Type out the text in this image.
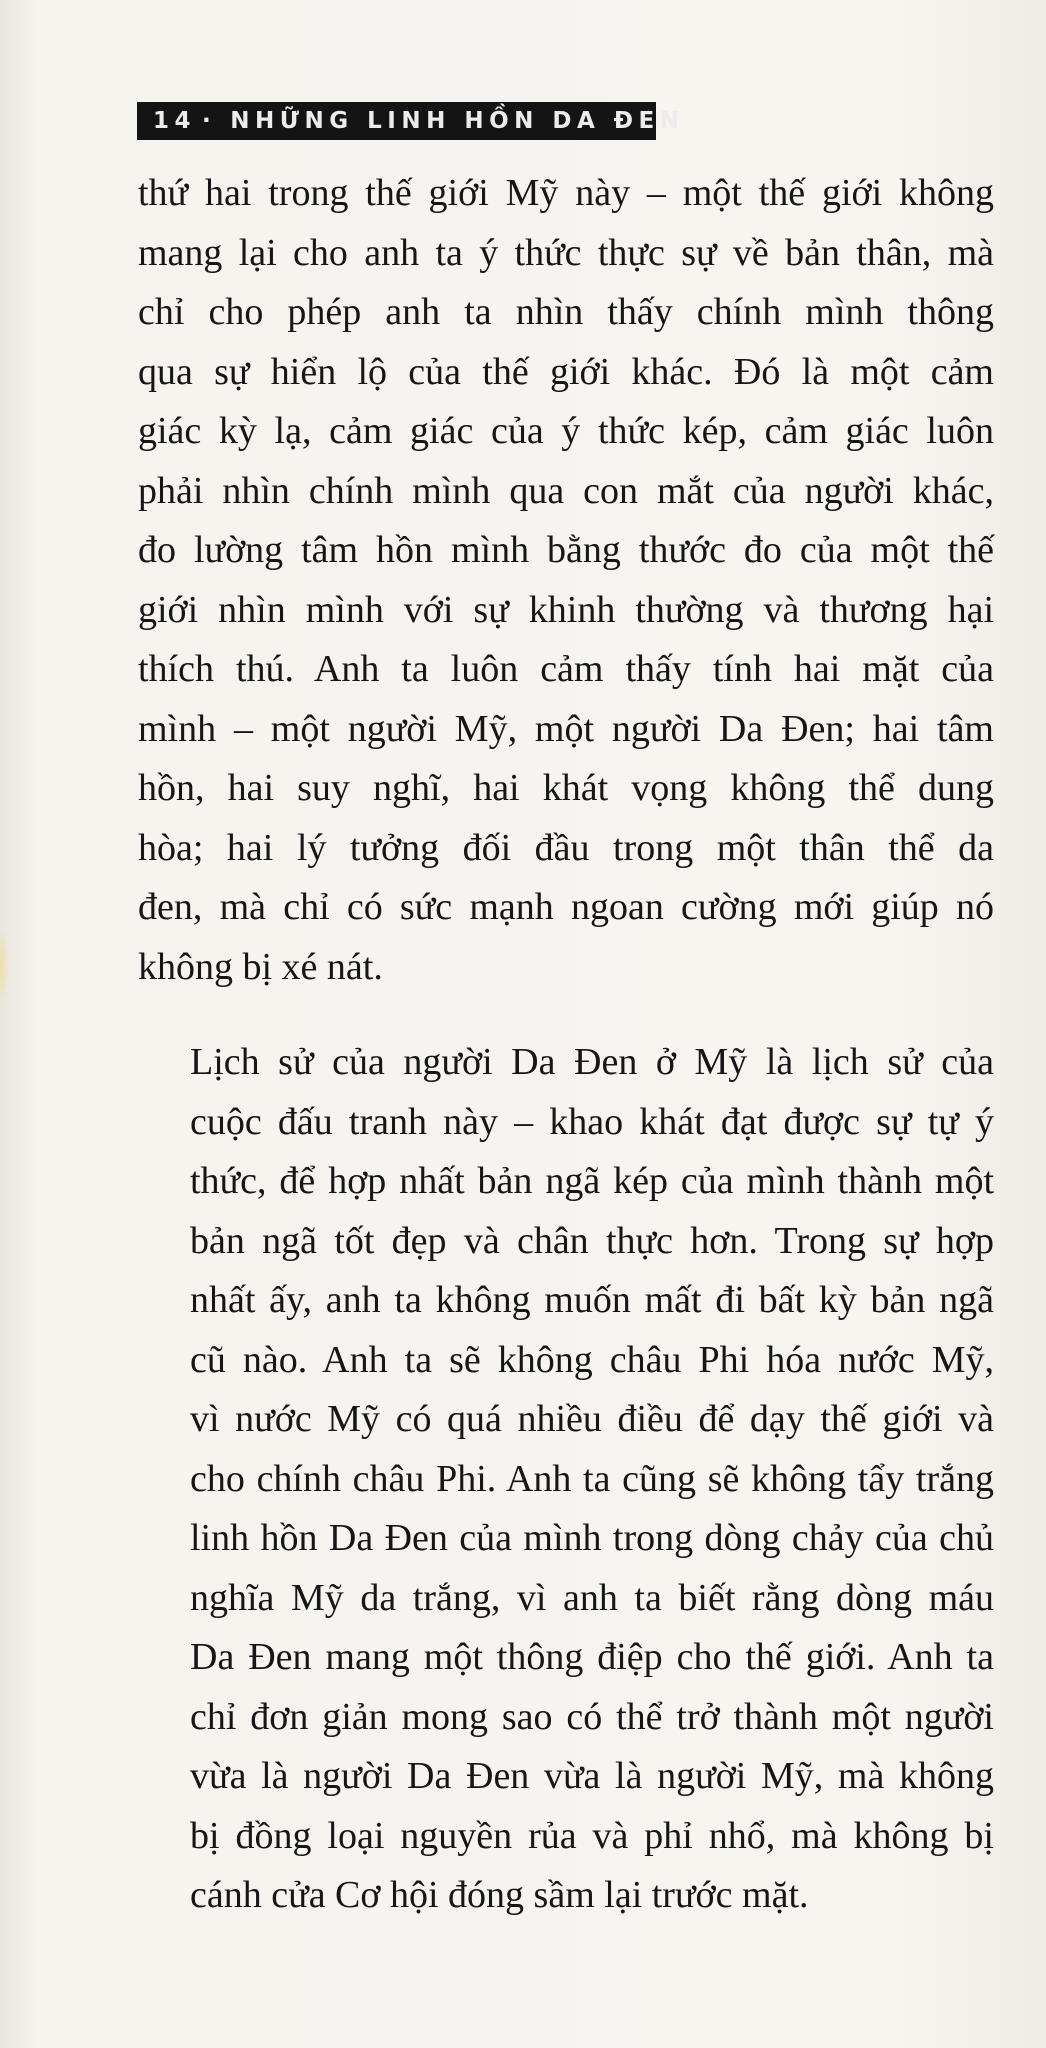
14 · NHỮNG LINH HỒN DA ĐEN

thứ hai trong thế giới Mỹ này – một thế giới không
mang lại cho anh ta ý thức thực sự về bản thân, mà
chỉ cho phép anh ta nhìn thấy chính mình thông
qua sự hiển lộ của thế giới khác. Đó là một cảm
giác kỳ lạ, cảm giác của ý thức kép, cảm giác luôn
phải nhìn chính mình qua con mắt của người khác,
đo lường tâm hồn mình bằng thước đo của một thế
giới nhìn mình với sự khinh thường và thương hại
thích thú. Anh ta luôn cảm thấy tính hai mặt của
mình – một người Mỹ, một người Da Đen; hai tâm
hồn, hai suy nghĩ, hai khát vọng không thể dung
hòa; hai lý tưởng đối đầu trong một thân thể da
đen, mà chỉ có sức mạnh ngoan cường mới giúp nó
không bị xé nát.

Lịch sử của người Da Đen ở Mỹ là lịch sử của
cuộc đấu tranh này – khao khát đạt được sự tự ý
thức, để hợp nhất bản ngã kép của mình thành một
bản ngã tốt đẹp và chân thực hơn. Trong sự hợp
nhất ấy, anh ta không muốn mất đi bất kỳ bản ngã
cũ nào. Anh ta sẽ không châu Phi hóa nước Mỹ,
vì nước Mỹ có quá nhiều điều để dạy thế giới và
cho chính châu Phi. Anh ta cũng sẽ không tẩy trắng
linh hồn Da Đen của mình trong dòng chảy của chủ
nghĩa Mỹ da trắng, vì anh ta biết rằng dòng máu
Da Đen mang một thông điệp cho thế giới. Anh ta
chỉ đơn giản mong sao có thể trở thành một người
vừa là người Da Đen vừa là người Mỹ, mà không
bị đồng loại nguyền rủa và phỉ nhổ, mà không bị
cánh cửa Cơ hội đóng sầm lại trước mặt.
